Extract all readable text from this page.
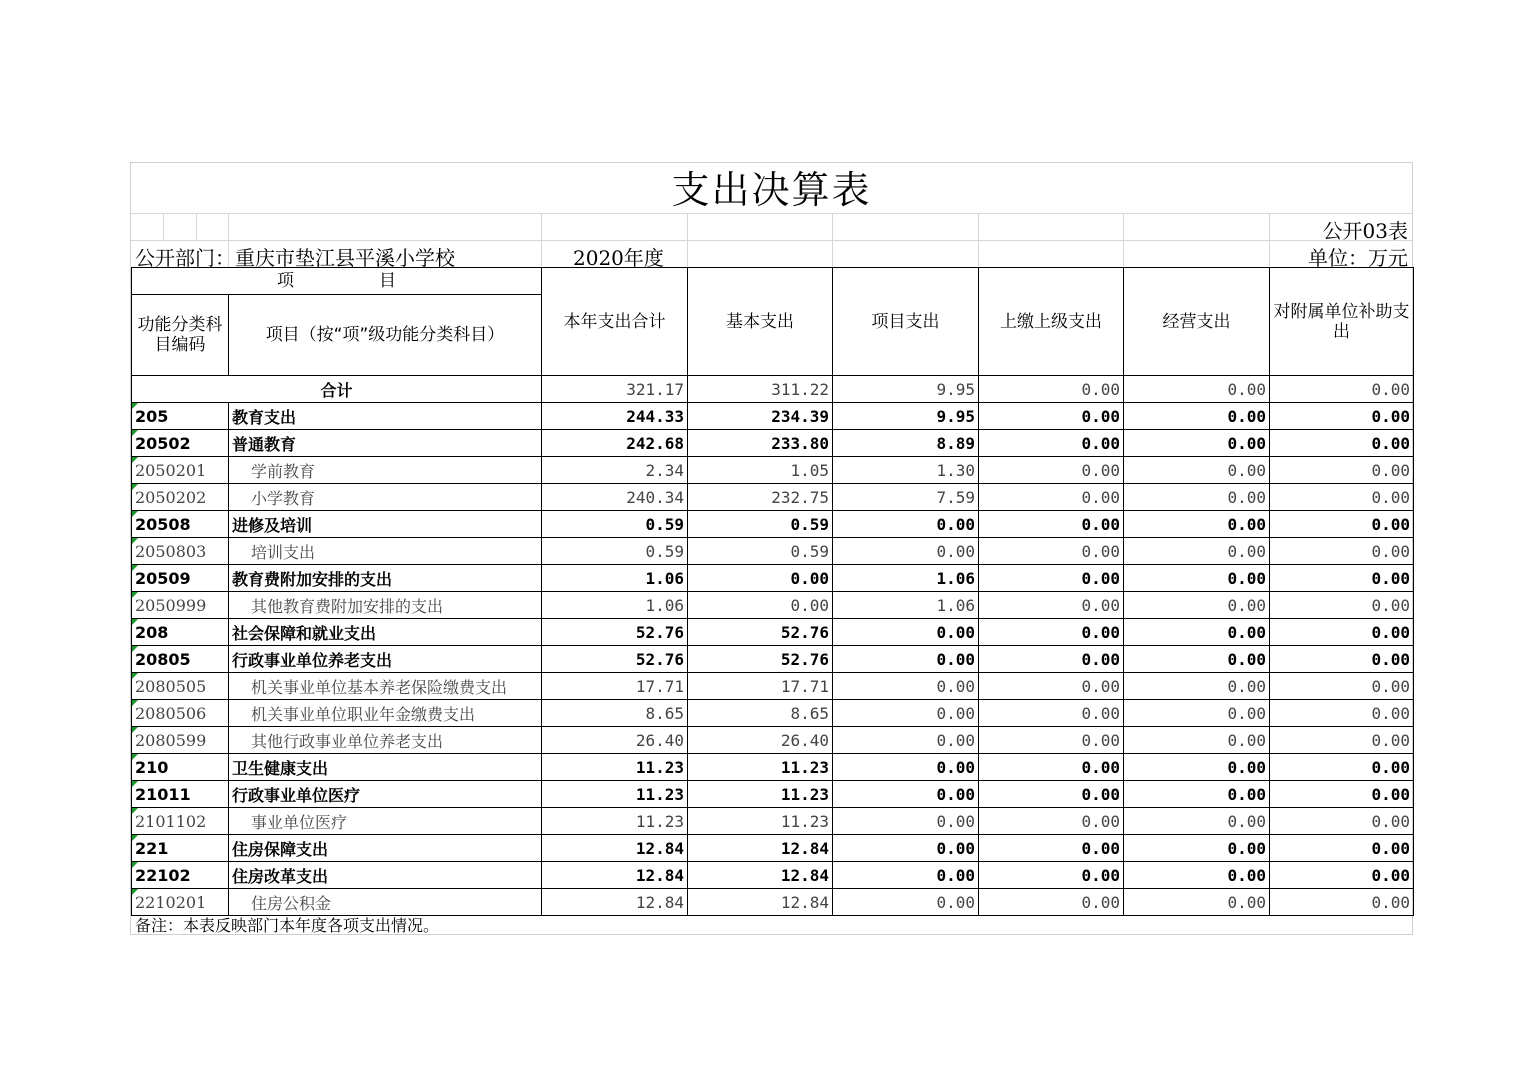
支出决算表
公开03表
公开部门：重庆市垫江县平溪小学校	2020年度	单位：万元
项　　　　　目		本年支出合计	基本支出	项目支出	上缴上级支出	经营支出	对附属单位补助支出
功能分类科目编码	项目（按“项”级功能分类科目）						
合计		321.17	311.22	9.95	0.00	0.00	0.00
205	教育支出	244.33	234.39	9.95	0.00	0.00	0.00
20502	普通教育	242.68	233.80	8.89	0.00	0.00	0.00
2050201	学前教育	2.34	1.05	1.30	0.00	0.00	0.00
2050202	小学教育	240.34	232.75	7.59	0.00	0.00	0.00
20508	进修及培训	0.59	0.59	0.00	0.00	0.00	0.00
2050803	培训支出	0.59	0.59	0.00	0.00	0.00	0.00
20509	教育费附加安排的支出	1.06	0.00	1.06	0.00	0.00	0.00
2050999	其他教育费附加安排的支出	1.06	0.00	1.06	0.00	0.00	0.00
208	社会保障和就业支出	52.76	52.76	0.00	0.00	0.00	0.00
20805	行政事业单位养老支出	52.76	52.76	0.00	0.00	0.00	0.00
2080505	机关事业单位基本养老保险缴费支出	17.71	17.71	0.00	0.00	0.00	0.00
2080506	机关事业单位职业年金缴费支出	8.65	8.65	0.00	0.00	0.00	0.00
2080599	其他行政事业单位养老支出	26.40	26.40	0.00	0.00	0.00	0.00
210	卫生健康支出	11.23	11.23	0.00	0.00	0.00	0.00
21011	行政事业单位医疗	11.23	11.23	0.00	0.00	0.00	0.00
2101102	事业单位医疗	11.23	11.23	0.00	0.00	0.00	0.00
221	住房保障支出	12.84	12.84	0.00	0.00	0.00	0.00
22102	住房改革支出	12.84	12.84	0.00	0.00	0.00	0.00
2210201	住房公积金	12.84	12.84	0.00	0.00	0.00	0.00
备注：本表反映部门本年度各项支出情况。
